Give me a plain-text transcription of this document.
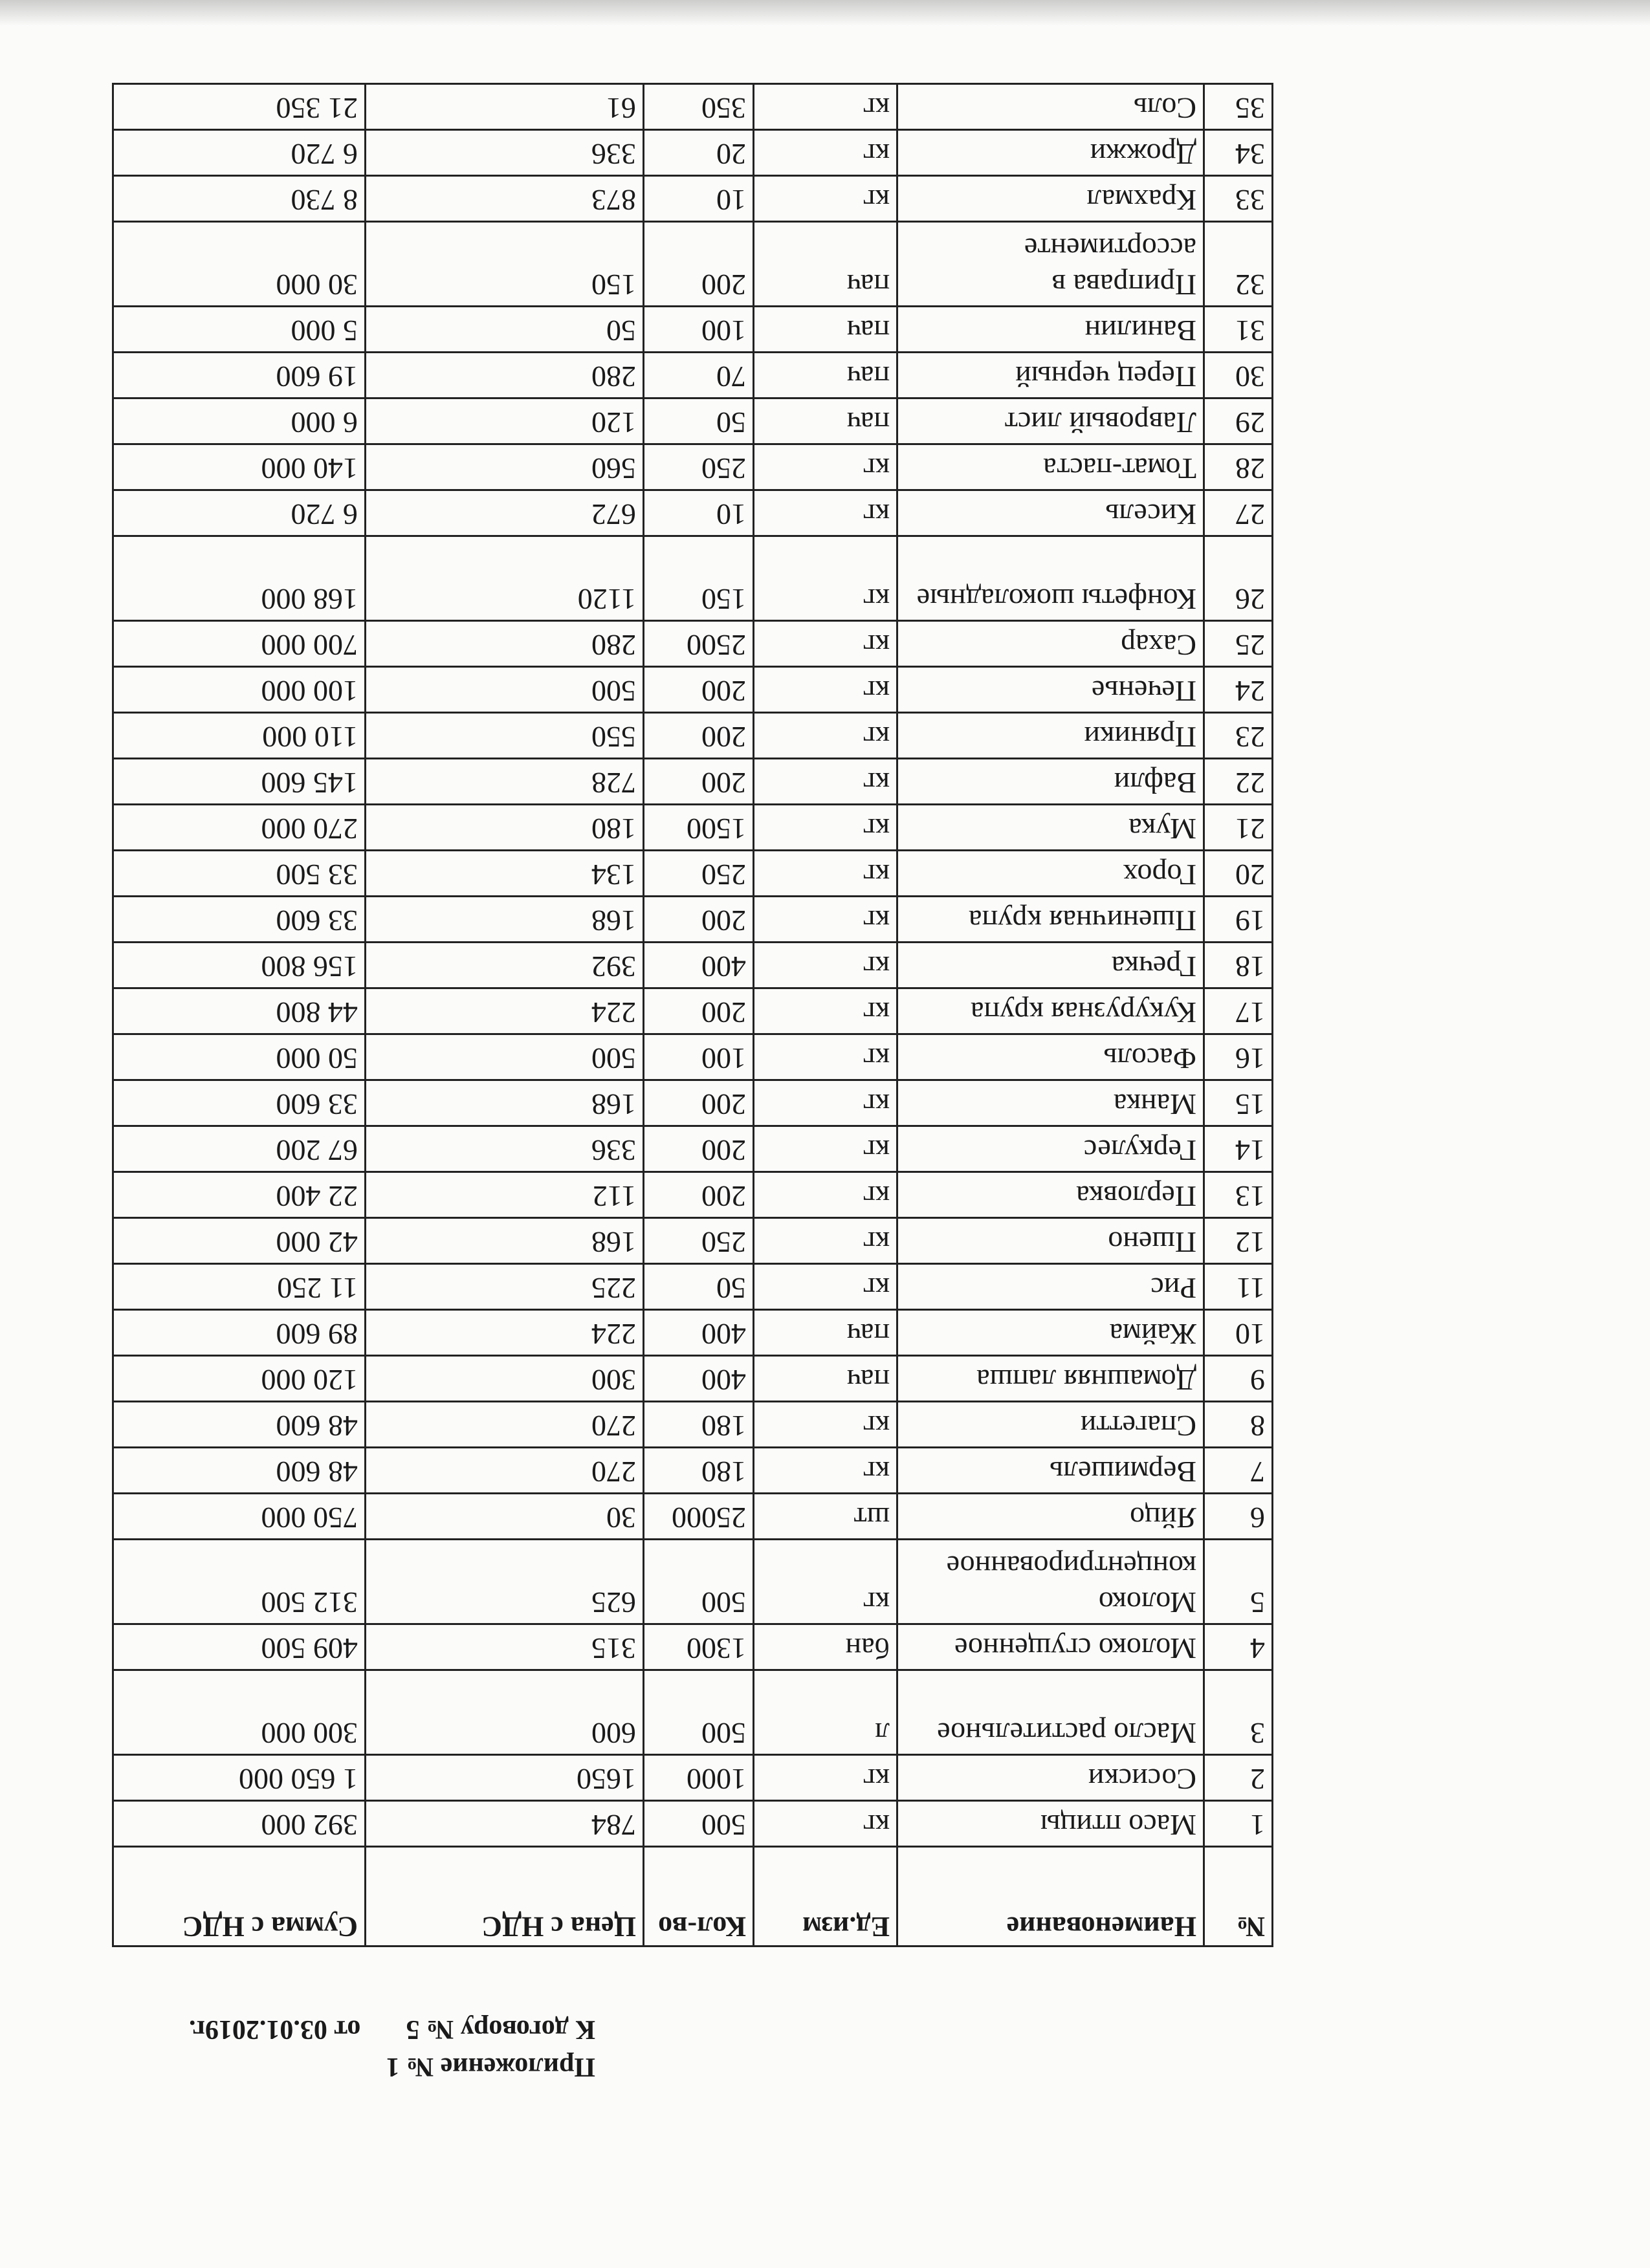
Приложение № 1
К договору № 5от 03.01.2019г.
№	Наименование	Ед.изм	Кол-во	Цена с НДС	Сумма с НДС
1	Масо птицы	кг	500	784	392 000
2	Сосиски	кг	1000	1650	1 650 000
3	Масло растительное	л	500	600	300 000
4	Молоко сгущенное	бан	1300	315	409 500
5	Молоко концентрированное	кг	500	625	312 500
6	Яйцо	шт	25000	30	750 000
7	Вермишель	кг	180	270	48 600
8	Спагетти	кг	180	270	48 600
9	Домашняя лапша	пач	400	300	120 000
10	Жайма	пач	400	224	89 600
11	Рис	кг	50	225	11 250
12	Пшено	кг	250	168	42 000
13	Перловка	кг	200	112	22 400
14	Геркулес	кг	200	336	67 200
15	Манка	кг	200	168	33 600
16	Фасоль	кг	100	500	50 000
17	Кукурузная крупа	кг	200	224	44 800
18	Гречка	кг	400	392	156 800
19	Пшеничная крупа	кг	200	168	33 600
20	Горох	кг	250	134	33 500
21	Мука	кг	1500	180	270 000
22	Вафли	кг	200	728	145 600
23	Пряники	кг	200	550	110 000
24	Печенье	кг	200	500	100 000
25	Сахар	кг	2500	280	700 000
26	Конфеты шоколадные	кг	150	1120	168 000
27	Кисель	кг	10	672	6 720
28	Томат-паста	кг	250	560	140 000
29	Лавровый лист	пач	50	120	6 000
30	Перец черный	пач	70	280	19 600
31	Ванилин	пач	100	50	5 000
32	Приправа в ассортименте	пач	200	150	30 000
33	Крахмал	кг	10	873	8 730
34	Дрожжи	кг	20	336	6 720
35	Соль	кг	350	61	21 350
